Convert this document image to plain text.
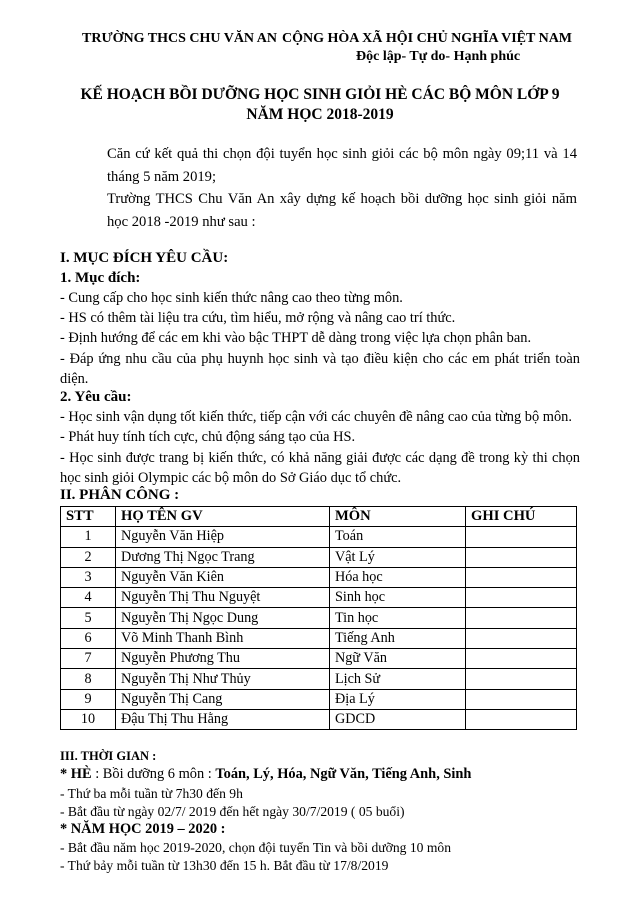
TRƯỜNG THCS CHU VĂN AN CỘNG HÒA XÃ HỘI CHỦ NGHĨA VIỆT NAM
Độc lập- Tự do- Hạnh phúc
KẾ HOẠCH BỒI DƯỠNG HỌC SINH GIỎI HÈ CÁC BỘ MÔN LỚP 9
NĂM HỌC 2018-2019
Căn cứ kết quả thi chọn đội tuyển học sinh giỏi các bộ môn ngày 09;11 và 14 tháng 5 năm 2019;
Trường THCS Chu Văn An xây dựng kế hoạch bồi dưỡng học sinh giỏi năm học 2018 -2019 như sau :
I. MỤC ĐÍCH YÊU CẦU:
1. Mục đích:
- Cung cấp cho học sinh kiến thức nâng cao theo từng môn.
- HS có thêm tài liệu tra cứu, tìm hiểu, mở rộng và nâng cao trí thức.
- Định hướng để các em khi vào bậc THPT dễ dàng trong việc lựa chọn phân ban.
- Đáp ứng nhu cầu của phụ huynh học sinh và tạo điều kiện cho các em phát triển toàn diện.
2. Yêu cầu:
- Học sinh vận dụng tốt kiến thức, tiếp cận với các chuyên đề nâng cao của từng bộ môn.
- Phát huy tính tích cực, chủ động sáng tạo của HS.
- Học sinh được trang bị kiến thức, có khả năng giải được các dạng đề trong kỳ thi chọn học sinh giỏi Olympic các bộ môn do Sở Giáo dục tổ chức.
II. PHÂN CÔNG :
STT	HỌ TÊN GV	MÔN	GHI CHÚ
1	Nguyễn Văn Hiệp	Toán	
2	Dương Thị Ngọc Trang	Vật Lý	
3	Nguyễn Văn Kiên	Hóa học	
4	Nguyễn Thị Thu Nguyệt	Sinh học	
5	Nguyễn Thị Ngọc Dung	Tin học	
6	Võ Minh Thanh Bình	Tiếng Anh	
7	Nguyễn Phương Thu	Ngữ Văn	
8	Nguyễn Thị Như Thủy	Lịch Sử	
9	Nguyễn Thị Cang	Địa Lý	
10	Đậu Thị Thu Hằng	GDCD	
III. THỜI GIAN :
* HÈ : Bồi dưỡng 6 môn : Toán, Lý, Hóa, Ngữ Văn, Tiếng Anh, Sinh
- Thứ ba mỗi tuần từ 7h30 đến 9h
- Bắt đầu từ ngày 02/7/ 2019 đến hết ngày 30/7/2019 ( 05 buổi)
* NĂM HỌC 2019 – 2020 :
- Bắt đầu năm học 2019-2020, chọn đội tuyển Tin và bồi dưỡng 10 môn
- Thứ bảy mỗi tuần từ 13h30 đến 15 h. Bắt đầu từ 17/8/2019
